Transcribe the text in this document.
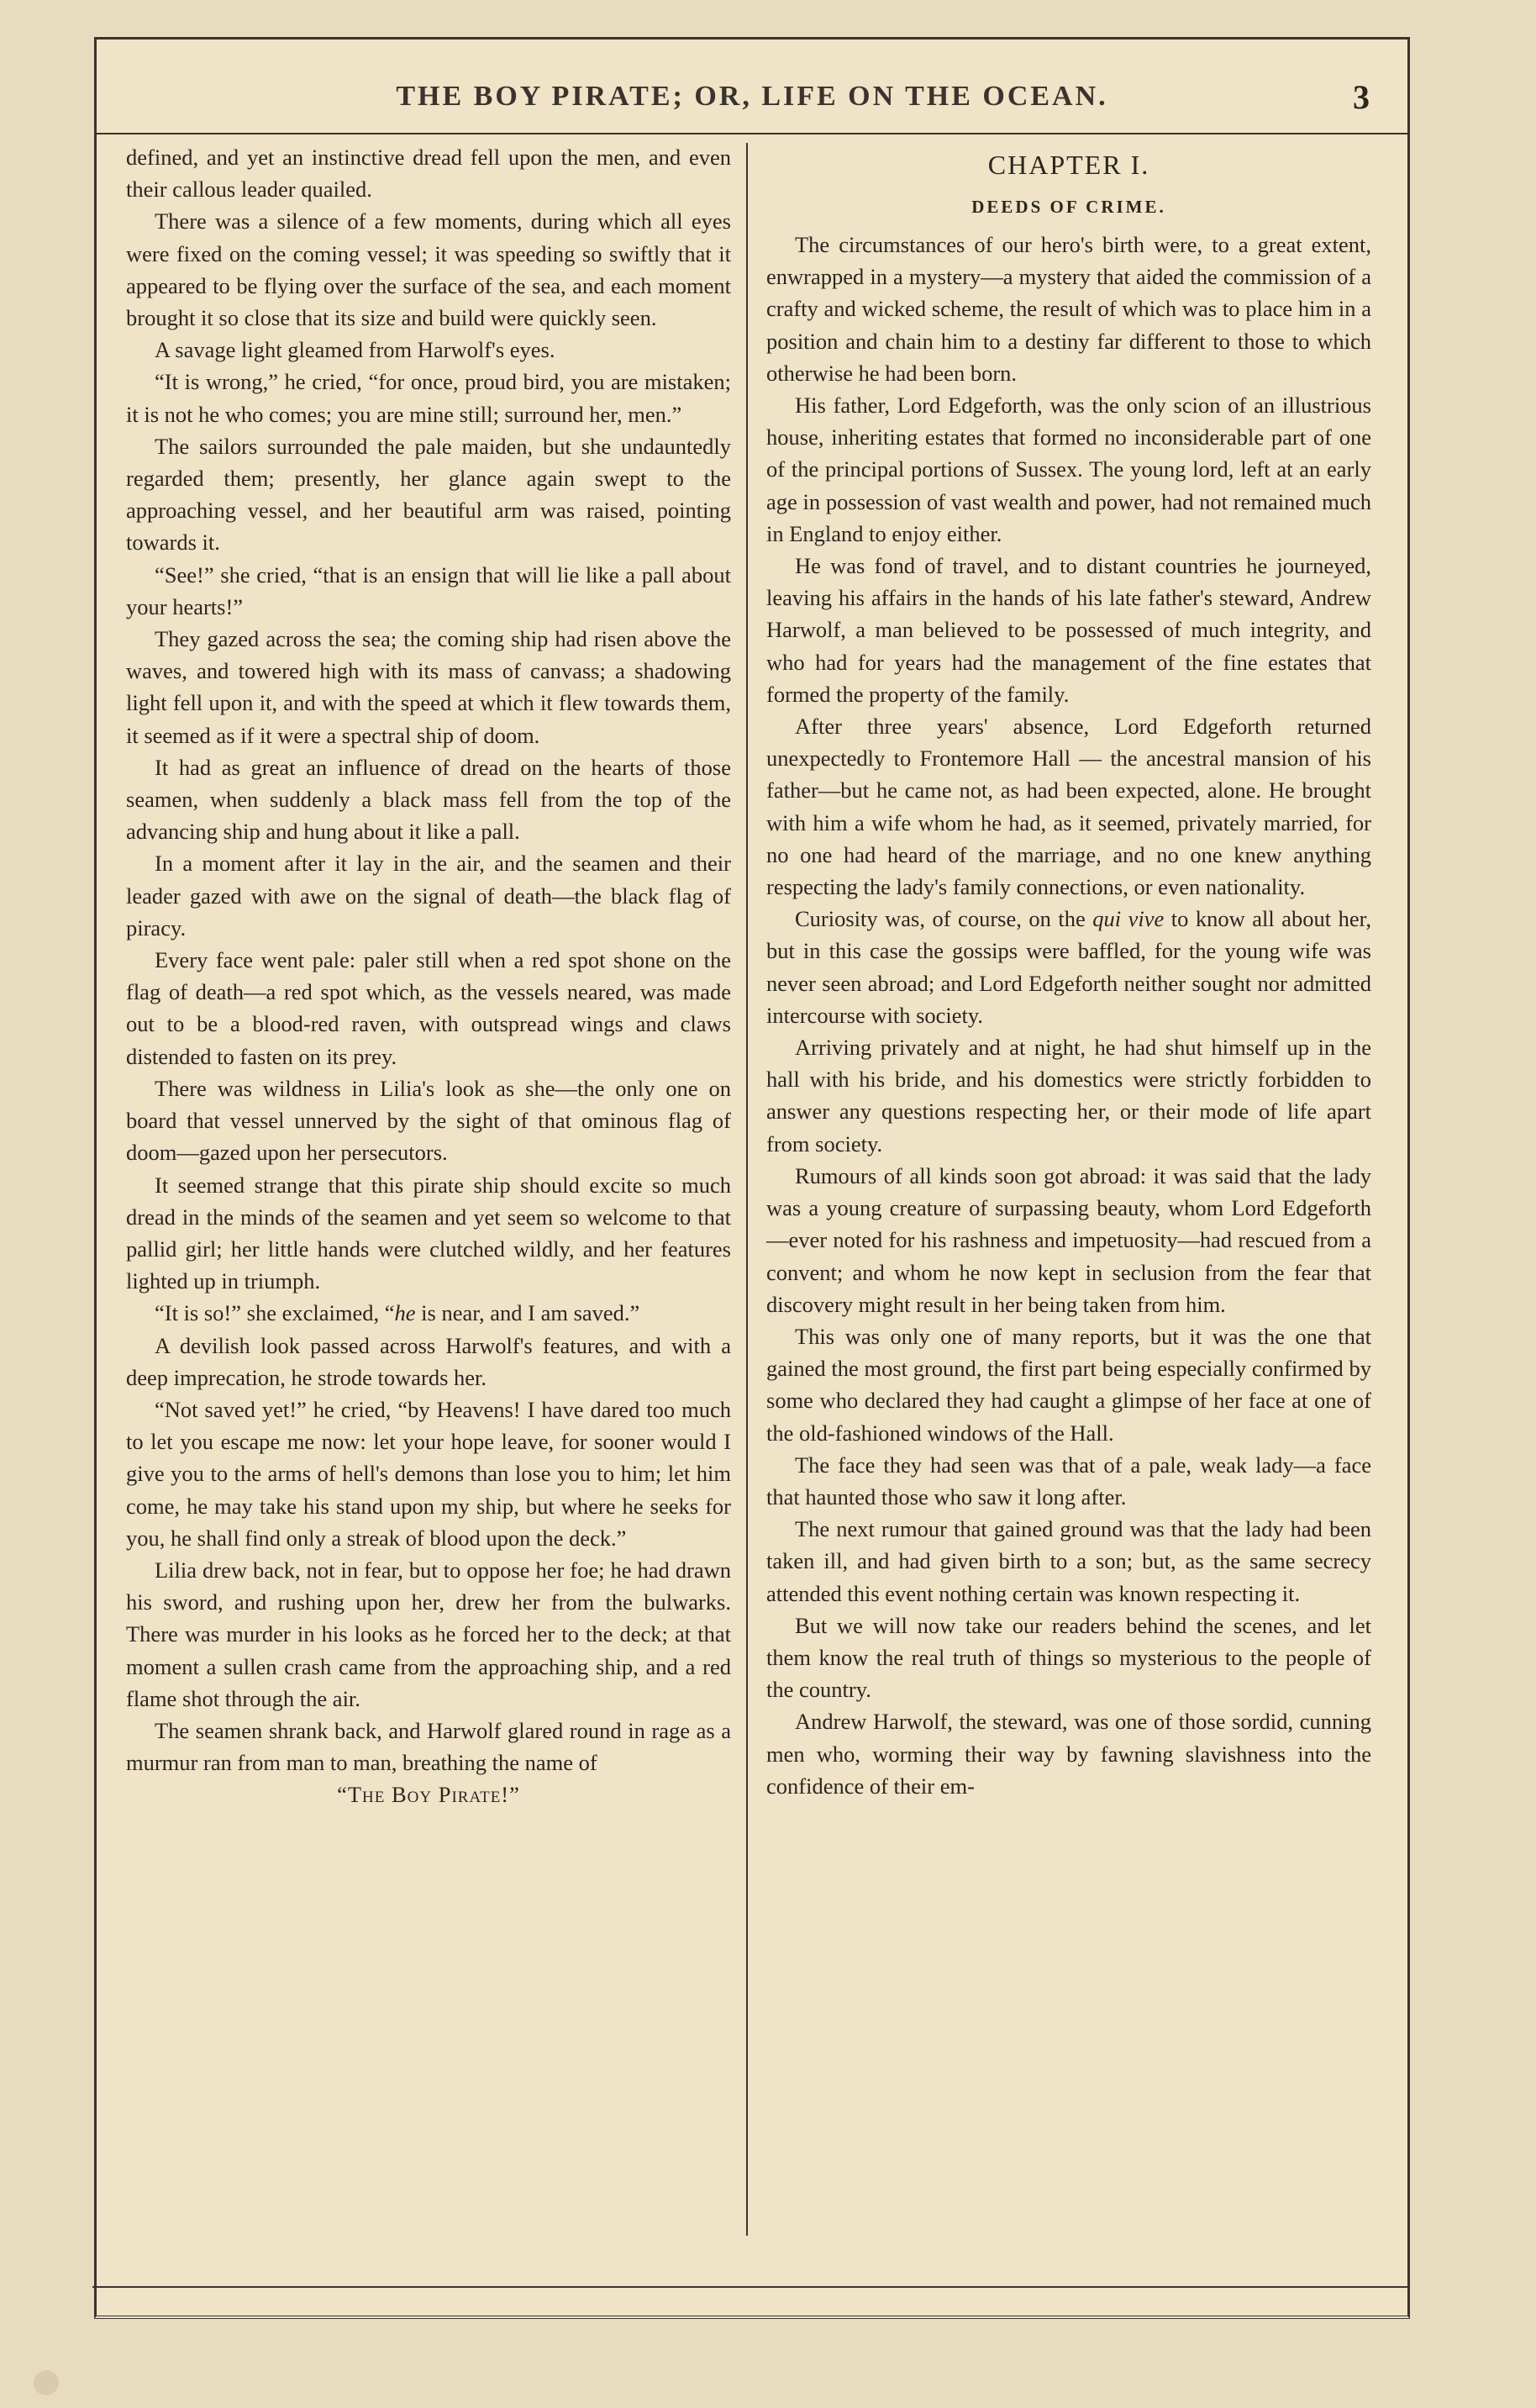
THE BOY PIRATE; OR, LIFE ON THE OCEAN.	3

defined, and yet an instinctive dread fell upon the men, and even their callous leader quailed.

There was a silence of a few moments, during which all eyes were fixed on the coming vessel; it was speeding so swiftly that it appeared to be flying over the surface of the sea, and each moment brought it so close that its size and build were quickly seen.

A savage light gleamed from Harwolf's eyes.

“It is wrong,” he cried, “for once, proud bird, you are mistaken; it is not he who comes; you are mine still; surround her, men.”

The sailors surrounded the pale maiden, but she undauntedly regarded them; presently, her glance again swept to the approaching vessel, and her beautiful arm was raised, pointing towards it.

“See!” she cried, “that is an ensign that will lie like a pall about your hearts!”

They gazed across the sea; the coming ship had risen above the waves, and towered high with its mass of canvass; a shadowing light fell upon it, and with the speed at which it flew towards them, it seemed as if it were a spectral ship of doom.

It had as great an influence of dread on the hearts of those seamen, when suddenly a black mass fell from the top of the advancing ship and hung about it like a pall.

In a moment after it lay in the air, and the seamen and their leader gazed with awe on the signal of death—the black flag of piracy.

Every face went pale: paler still when a red spot shone on the flag of death—a red spot which, as the vessels neared, was made out to be a blood-red raven, with outspread wings and claws distended to fasten on its prey.

There was wildness in Lilia's look as she—the only one on board that vessel unnerved by the sight of that ominous flag of doom—gazed upon her persecutors.

It seemed strange that this pirate ship should excite so much dread in the minds of the seamen and yet seem so welcome to that pallid girl; her little hands were clutched wildly, and her features lighted up in triumph.

“It is so!” she exclaimed, “he is near, and I am saved.”

A devilish look passed across Harwolf's features, and with a deep imprecation, he strode towards her.

“Not saved yet!” he cried, “by Heavens! I have dared too much to let you escape me now: let your hope leave, for sooner would I give you to the arms of hell's demons than lose you to him; let him come, he may take his stand upon my ship, but where he seeks for you, he shall find only a streak of blood upon the deck.”

Lilia drew back, not in fear, but to oppose her foe; he had drawn his sword, and rushing upon her, drew her from the bulwarks. There was murder in his looks as he forced her to the deck; at that moment a sullen crash came from the approaching ship, and a red flame shot through the air.

The seamen shrank back, and Harwolf glared round in rage as a murmur ran from man to man, breathing the name of

“The Boy Pirate!”

CHAPTER I.
DEEDS OF CRIME.

The circumstances of our hero's birth were, to a great extent, enwrapped in a mystery—a mystery that aided the commission of a crafty and wicked scheme, the result of which was to place him in a position and chain him to a destiny far different to those to which otherwise he had been born.

His father, Lord Edgeforth, was the only scion of an illustrious house, inheriting estates that formed no inconsiderable part of one of the principal portions of Sussex. The young lord, left at an early age in possession of vast wealth and power, had not remained much in England to enjoy either.

He was fond of travel, and to distant countries he journeyed, leaving his affairs in the hands of his late father's steward, Andrew Harwolf, a man believed to be possessed of much integrity, and who had for years had the management of the fine estates that formed the property of the family.

After three years' absence, Lord Edgeforth returned unexpectedly to Frontemore Hall — the ancestral mansion of his father—but he came not, as had been expected, alone. He brought with him a wife whom he had, as it seemed, privately married, for no one had heard of the marriage, and no one knew anything respecting the lady's family connections, or even nationality.

Curiosity was, of course, on the qui vive to know all about her, but in this case the gossips were baffled, for the young wife was never seen abroad; and Lord Edgeforth neither sought nor admitted intercourse with society.

Arriving privately and at night, he had shut himself up in the hall with his bride, and his domestics were strictly forbidden to answer any questions respecting her, or their mode of life apart from society.

Rumours of all kinds soon got abroad: it was said that the lady was a young creature of surpassing beauty, whom Lord Edgeforth—ever noted for his rashness and impetuosity—had rescued from a convent; and whom he now kept in seclusion from the fear that discovery might result in her being taken from him.

This was only one of many reports, but it was the one that gained the most ground, the first part being especially confirmed by some who declared they had caught a glimpse of her face at one of the old-fashioned windows of the Hall.

The face they had seen was that of a pale, weak lady—a face that haunted those who saw it long after.

The next rumour that gained ground was that the lady had been taken ill, and had given birth to a son; but, as the same secrecy attended this event nothing certain was known respecting it.

But we will now take our readers behind the scenes, and let them know the real truth of things so mysterious to the people of the country.

Andrew Harwolf, the steward, was one of those sordid, cunning men who, worming their way by fawning slavishness into the confidence of their em-
